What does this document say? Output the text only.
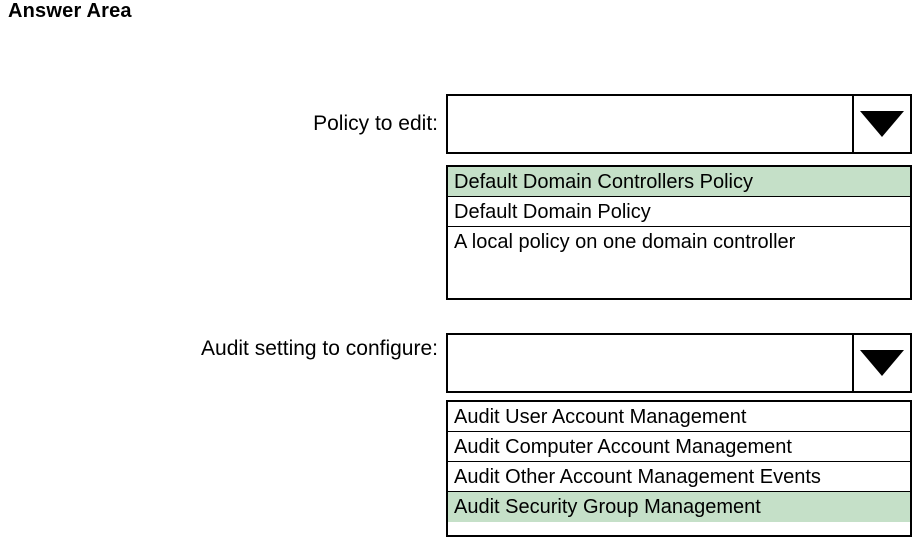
Answer Area
Policy to edit:
Default Domain Controllers Policy
Default Domain Policy
A local policy on one domain controller
Audit setting to configure:
Audit User Account Management
Audit Computer Account Management
Audit Other Account Management Events
Audit Security Group Management
